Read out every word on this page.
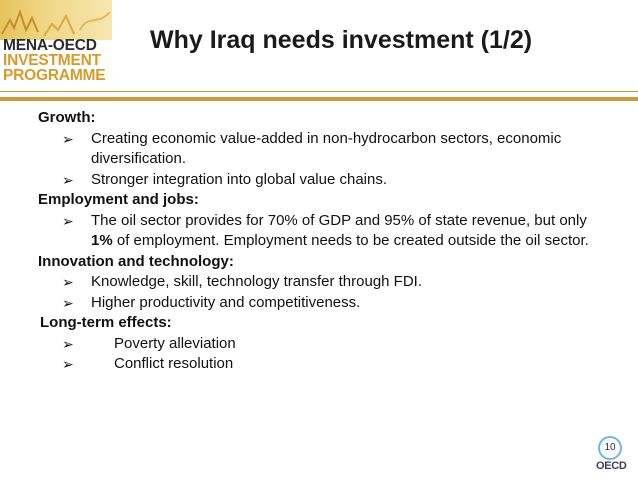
MENA-OECD
INVESTMENT
PROGRAMME
Why Iraq needs investment (1/2)

Growth:

➢ Creating economic value-added in non-hydrocarbon sectors, economic diversification.
➢ Stronger integration into global value chains.

Employment and jobs:

➢ The oil sector provides for 70% of GDP and 95% of state revenue, but only 1% of employment. Employment needs to be created outside the oil sector.

Innovation and technology:

➢ Knowledge, skill, technology transfer through FDI.
➢ Higher productivity and competitiveness.

Long-term effects:

➢	Poverty alleviation
➢	Conflict resolution
10
OECD
